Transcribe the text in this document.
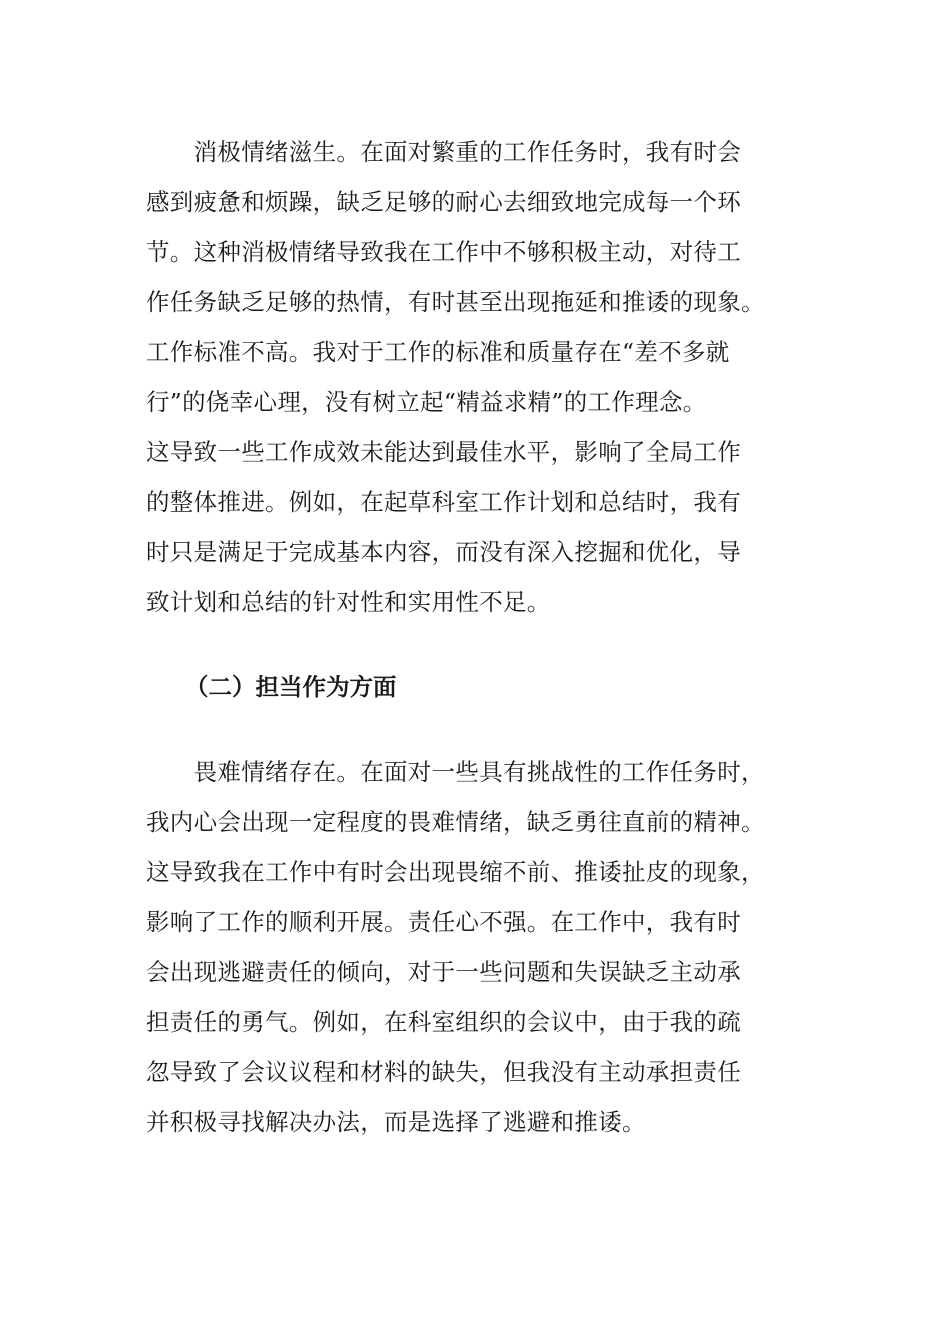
　　消极情绪滋生。在面对繁重的工作任务时，我有时会
感到疲惫和烦躁，缺乏足够的耐心去细致地完成每一个环
节。这种消极情绪导致我在工作中不够积极主动，对待工
作任务缺乏足够的热情，有时甚至出现拖延和推诿的现象。
工作标准不高。我对于工作的标准和质量存在“差不多就
行”的侥幸心理，没有树立起“精益求精”的工作理念。
这导致一些工作成效未能达到最佳水平，影响了全局工作
的整体推进。例如，在起草科室工作计划和总结时，我有
时只是满足于完成基本内容，而没有深入挖掘和优化，导
致计划和总结的针对性和实用性不足。
（二）担当作为方面
　　畏难情绪存在。在面对一些具有挑战性的工作任务时，
我内心会出现一定程度的畏难情绪，缺乏勇往直前的精神。
这导致我在工作中有时会出现畏缩不前、推诿扯皮的现象，
影响了工作的顺利开展。责任心不强。在工作中，我有时
会出现逃避责任的倾向，对于一些问题和失误缺乏主动承
担责任的勇气。例如，在科室组织的会议中，由于我的疏
忽导致了会议议程和材料的缺失，但我没有主动承担责任
并积极寻找解决办法，而是选择了逃避和推诿。
